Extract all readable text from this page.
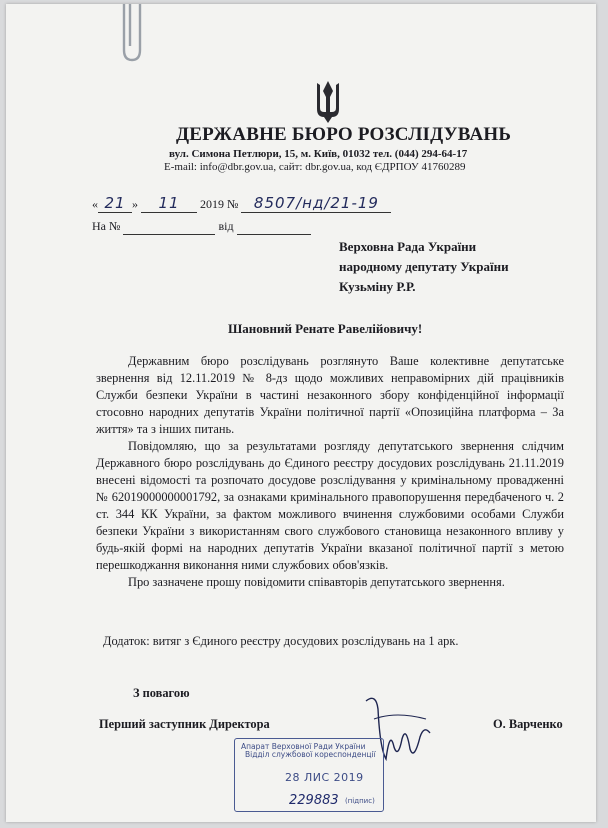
ДЕРЖАВНЕ БЮРО РОЗСЛІДУВАНЬ
вул. Симона Петлюри, 15, м. Київ, 01032 тел. (044) 294-64-17
E-mail: info@dbr.gov.ua, сайт: dbr.gov.ua, код ЄДРПОУ 41760289
« 21 » 11 2019 № 8507/нд/21-19
На №	від
Верховна Рада України
народному депутату України
Кузьміну Р.Р.
Шановний Ренате Равелійовичу!

Державним бюро розслідувань розглянуто Ваше колективне депутатське звернення від 12.11.2019 № 8-дз щодо можливих неправомірних дій працівників Служби безпеки України в частині незаконного збору конфіденційної інформації стосовно народних депутатів України політичної партії «Опозиційна платформа – За життя» та з інших питань.

Повідомляю, що за результатами розгляду депутатського звернення слідчим Державного бюро розслідувань до Єдиного реєстру досудових розслідувань 21.11.2019 внесені відомості та розпочато досудове розслідування у кримінальному провадженні № 62019000000001792, за ознаками кримінального правопорушення передбаченого ч. 2 ст. 344 КК України, за фактом можливого вчинення службовими особами Служби безпеки України з використанням свого службового становища незаконного впливу у будь-якій формі на народних депутатів України вказаної політичної партії з метою перешкоджання виконання ними службових обов'язків.

Про зазначене прошу повідомити співавторів депутатського звернення.

Додаток: витяг з Єдиного реєстру досудових розслідувань на 1 арк.
З повагою
Перший заступник Директора	О. Варченко
Апарат Верховної Ради України
Відділ службової кореспонденції
28 ЛИС 2019
229883 (підпис)
